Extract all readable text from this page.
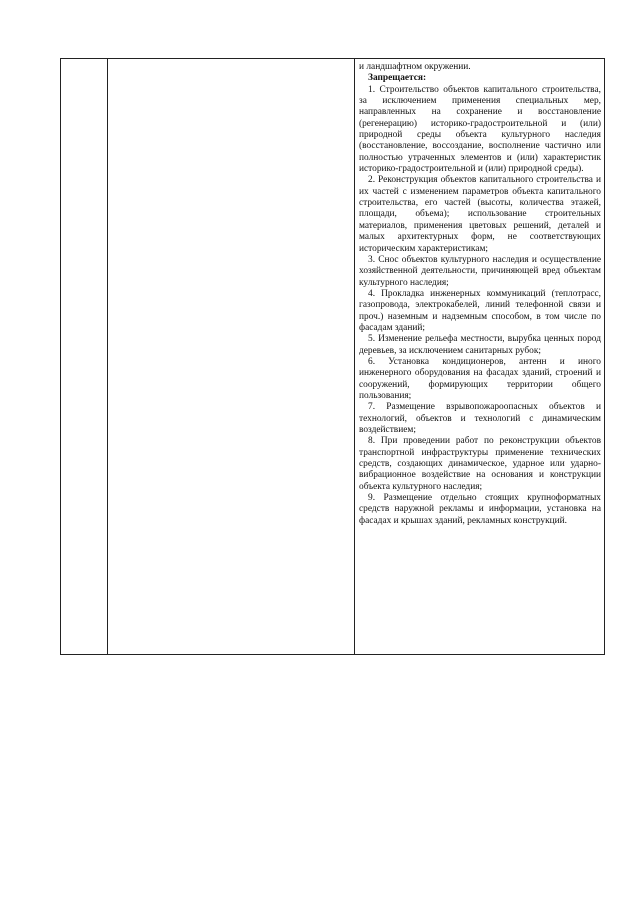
и ландшафтном окружении.

Запрещается:

1. Строительство объектов капитального строительства, за исключением применения специальных мер, направленных на сохранение и восстановление (регенерацию) историко-градостроительной и (или) природной среды объекта культурного наследия (восстановление, воссоздание, восполнение частично или полностью утраченных элементов и (или) характеристик историко-градостроительной и (или) природной среды).

2. Реконструкция объектов капитального строительства и их частей с изменением параметров объекта капитального строительства, его частей (высоты, количества этажей, площади, объема); использование строительных материалов, применения цветовых решений, деталей и малых архитектурных форм, не соответствующих историческим характеристикам;

3. Снос объектов культурного наследия и осуществление хозяйственной деятельности, причиняющей вред объектам культурного наследия;

4. Прокладка инженерных коммуникаций (теплотрасс, газопровода, электрокабелей, линий телефонной связи и проч.) наземным и надземным способом, в том числе по фасадам зданий;

5. Изменение рельефа местности, вырубка ценных пород деревьев, за исключением санитарных рубок;

6. Установка кондиционеров, антенн и иного инженерного оборудования на фасадах зданий, строений и сооружений, формирующих территории общего пользования;

7. Размещение взрывопожароопасных объектов и технологий, объектов и технологий с динамическим воздействием;

8. При проведении работ по реконструкции объектов транспортной инфраструктуры применение технических средств, создающих динамическое, ударное или ударно-вибрационное воздействие на основания и конструкции объекта культурного наследия;

9. Размещение отдельно стоящих крупноформатных средств наружной рекламы и информации, установка на фасадах и крышах зданий, рекламных конструкций.
